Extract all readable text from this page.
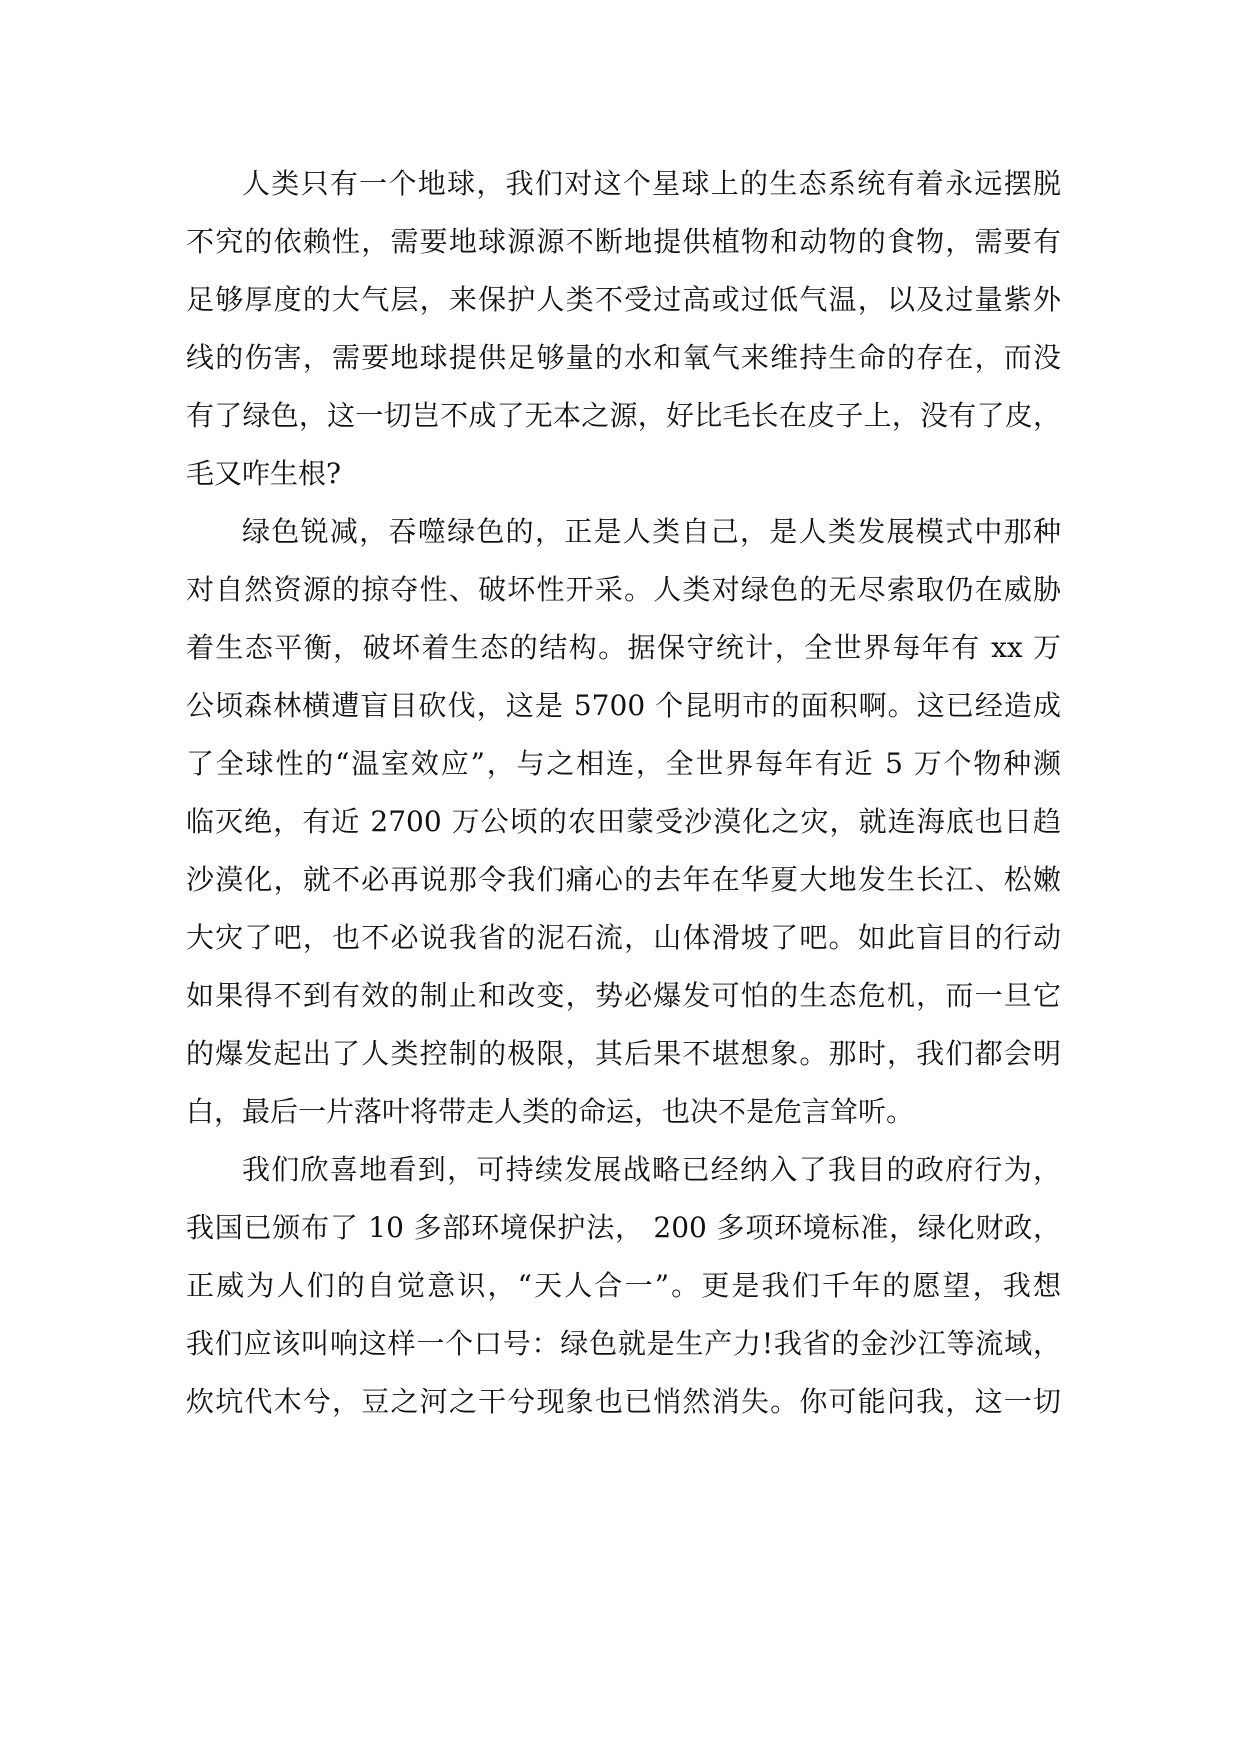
人类只有一个地球，我们对这个星球上的生态系统有着永远摆脱
不究的依赖性，需要地球源源不断地提供植物和动物的食物，需要有
足够厚度的大气层，来保护人类不受过高或过低气温，以及过量紫外
线的伤害，需要地球提供足够量的水和氧气来维持生命的存在，而没
有了绿色，这一切岂不成了无本之源，好比毛长在皮子上，没有了皮，
毛又咋生根?
绿色锐减，吞噬绿色的，正是人类自己，是人类发展模式中那种
对自然资源的掠夺性、破坏性开采。人类对绿色的无尽索取仍在威胁
着生态平衡，破坏着生态的结构。据保守统计，全世界每年有 xx 万
公顷森林横遭盲目砍伐，这是 5700 个昆明市的面积啊。这已经造成
了全球性的“温室效应”，与之相连，全世界每年有近 5 万个物种濒
临灭绝，有近 2700 万公顷的农田蒙受沙漠化之灾，就连海底也日趋
沙漠化，就不必再说那令我们痛心的去年在华夏大地发生长江、松嫩
大灾了吧，也不必说我省的泥石流，山体滑坡了吧。如此盲目的行动
如果得不到有效的制止和改变，势必爆发可怕的生态危机，而一旦它
的爆发起出了人类控制的极限，其后果不堪想象。那时，我们都会明
白，最后一片落叶将带走人类的命运，也决不是危言耸听。
我们欣喜地看到，可持续发展战略已经纳入了我目的政府行为，
我国已颁布了 10 多部环境保护法， 200 多项环境标准，绿化财政，
正威为人们的自觉意识，“天人合一”。更是我们千年的愿望，我想
我们应该叫响这样一个口号：绿色就是生产力!我省的金沙江等流域，
炊坑代木兮，豆之河之干兮现象也已悄然消失。你可能问我，这一切
